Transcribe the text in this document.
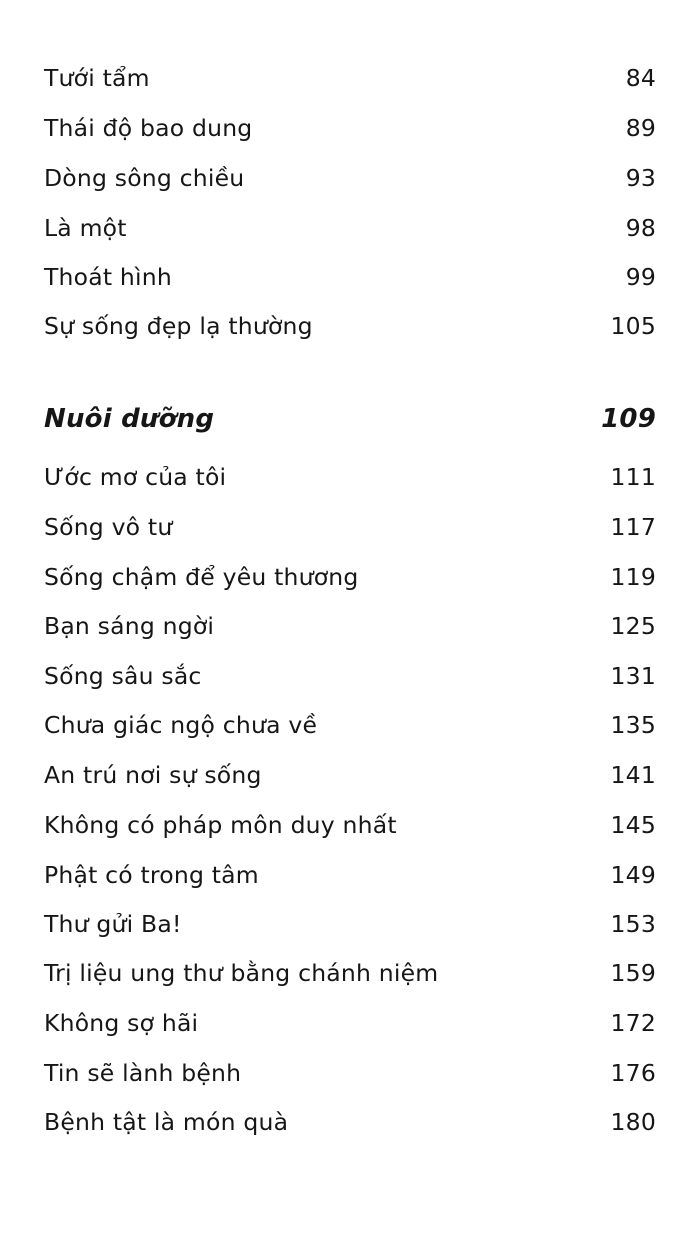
Tưới tẩm	84
Thái độ bao dung	89
Dòng sông chiều	93
Là một	98
Thoát hình	99
Sự sống đẹp lạ thường	105
Nuôi dưỡng	109
Ước mơ của tôi	111
Sống vô tư	117
Sống chậm để yêu thương	119
Bạn sáng ngời	125
Sống sâu sắc	131
Chưa giác ngộ chưa về	135
An trú nơi sự sống	141
Không có pháp môn duy nhất	145
Phật có trong tâm	149
Thư gửi Ba!	153
Trị liệu ung thư bằng chánh niệm	159
Không sợ hãi	172
Tin sẽ lành bệnh	176
Bệnh tật là món quà	180
